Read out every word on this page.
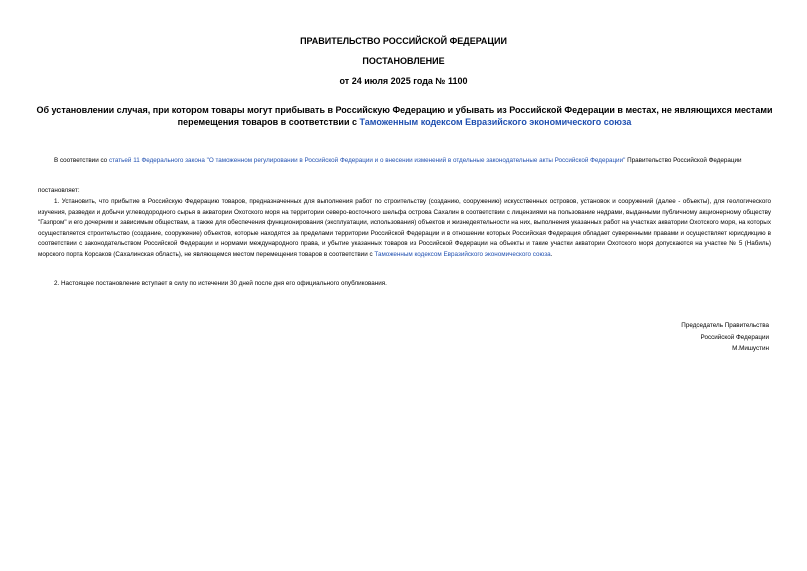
ПРАВИТЕЛЬСТВО РОССИЙСКОЙ ФЕДЕРАЦИИ
ПОСТАНОВЛЕНИЕ
от 24 июля 2025 года № 1100
Об установлении случая, при котором товары могут прибывать в Российскую Федерацию и убывать из Российской Федерации в местах, не являющихся местами перемещения товаров в соответствии с Таможенным кодексом Евразийского экономического союза
В соответствии со статьей 11 Федерального закона "О таможенном регулировании в Российской Федерации и о внесении изменений в отдельные законодательные акты Российской Федерации" Правительство Российской Федерации
постановляет:
1. Установить, что прибытие в Российскую Федерацию товаров, предназначенных для выполнения работ по строительству (созданию, сооружению) искусственных островов, установок и сооружений (далее - объекты), для геологического изучения, разведки и добычи углеводородного сырья в акватории Охотского моря на территории северо-восточного шельфа острова Сахалин в соответствии с лицензиями на пользование недрами, выданными публичному акционерному обществу "Газпром" и его дочерним и зависимым обществам, а также для обеспечения функционирования (эксплуатации, использования) объектов и жизнедеятельности на них, выполнения указанных работ на участках акватории Охотского моря, на которых осуществляется строительство (создание, сооружение) объектов, которые находятся за пределами территории Российской Федерации и в отношении которых Российская Федерация обладает суверенными правами и осуществляет юрисдикцию в соответствии с законодательством Российской Федерации и нормами международного права, и убытие указанных товаров из Российской Федерации на объекты и такие участки акватории Охотского моря допускаются на участке № 5 (Набиль) морского порта Корсаков (Сахалинская область), не являющемся местом перемещения товаров в соответствии с Таможенным кодексом Евразийского экономического союза.
2. Настоящее постановление вступает в силу по истечении 30 дней после дня его официального опубликования.
Председатель Правительства
Российской Федерации
М.Мишустин
